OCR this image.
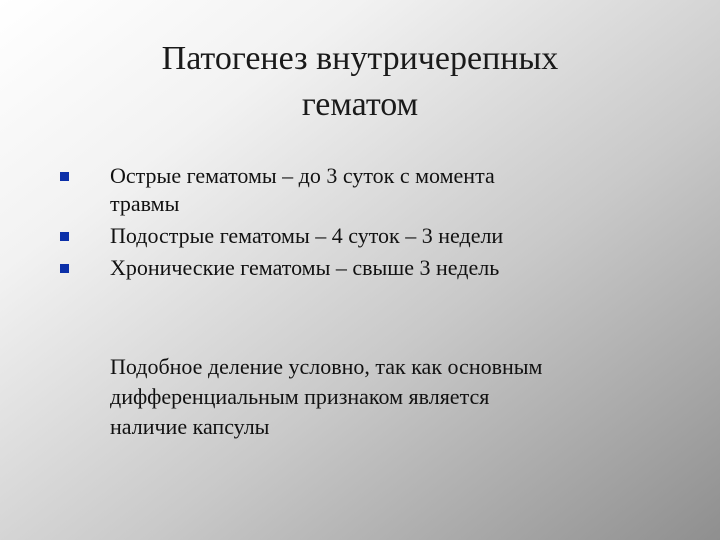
Патогенез внутричерепных
гематом
Острые гематомы – до 3 суток с момента
травмы
Подострые гематомы – 4 суток – 3 недели
Хронические гематомы – свыше 3 недель
Подобное деление условно, так как основным
дифференциальным признаком является
наличие капсулы
